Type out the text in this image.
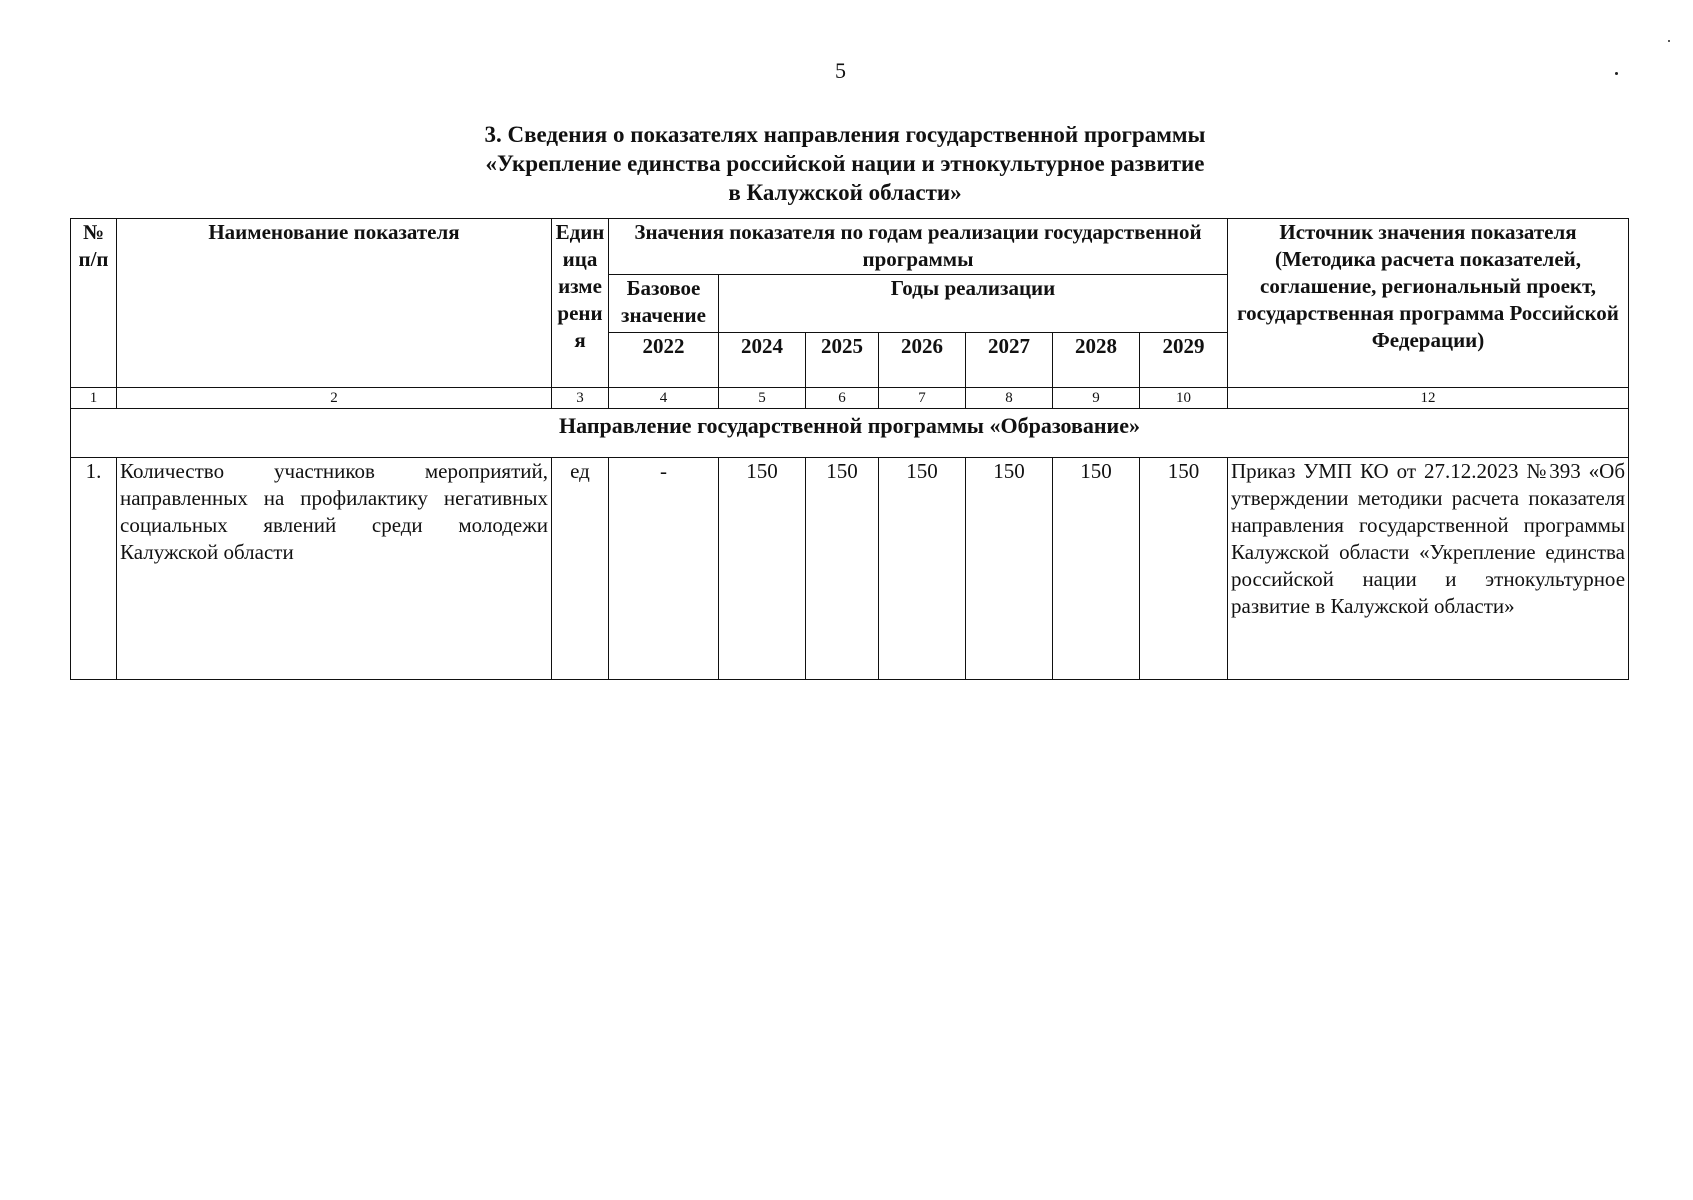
5
3. Сведения о показателях направления государственной программы
«Укрепление единства российской нации и этнокультурное развитие
в Калужской области»
№ п/п	Наименование показателя	Единица измерения	Значения показателя по годам реализации государственной программы							Источник значения показателя (Методика расчета показателей, соглашение, региональный проект, государственная программа Российской Федерации)
			Базовое значение	Годы реализации						
			2022	2024	2025	2026	2027	2028	2029	
1	2	3	4	5	6	7	8	9	10	12
Направление государственной программы «Образование»										
1.	Количество участников мероприятий, направленных на профилактику негативных социальных явлений среди молодежи Калужской области	ед	-	150	150	150	150	150	150	Приказ УМП КО от 27.12.2023 №393 «Об утверждении методики расчета показателя направления государственной программы Калужской области «Укрепление единства российской нации и этнокультурное развитие в Калужской области»
